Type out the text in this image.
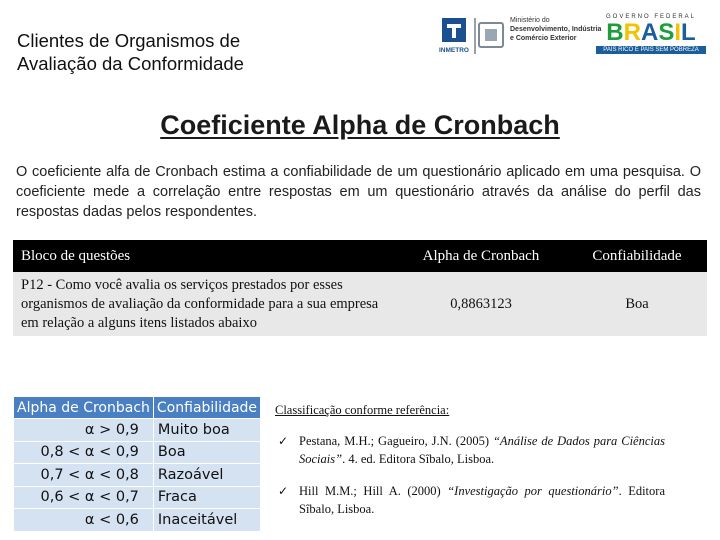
Clientes de Organismos de
Avaliação da Conformidade
INMETRO
Ministério do
Desenvolvimento, Indústria
e Comércio Exterior
GOVERNO FEDERAL
B R A S I L
PAÍS RICO É PAÍS SEM POBREZA
Coeficiente Alpha de Cronbach

O coeficiente alfa de Cronbach estima a confiabilidade de um questionário aplicado em uma pesquisa. O coeficiente mede a correlação entre respostas em um questionário através da análise do perfil das respostas dadas pelos respondentes.

Bloco de questões	Alpha de Cronbach	Confiabilidade
P12 - Como você avalia os serviços prestados por esses organismos de avaliação da conformidade para a sua empresa em relação a alguns itens listados abaixo	0,8863123	Boa
Alpha de Cronbach	Confiabilidade
α > 0,9	Muito boa
0,8 < α < 0,9	Boa
0,7 < α < 0,8	Razoável
0,6 < α < 0,7	Fraca
α < 0,6	Inaceitável
Classificação conforme referência:
✓ Pestana, M.H.; Gagueiro, J.N. (2005) “Análise de Dados para Ciências Sociais”. 4. ed. Editora Sîbalo, Lisboa.
✓ Hill M.M.; Hill A. (2000) “Investigação por questionário”. Editora Sîbalo, Lisboa.
